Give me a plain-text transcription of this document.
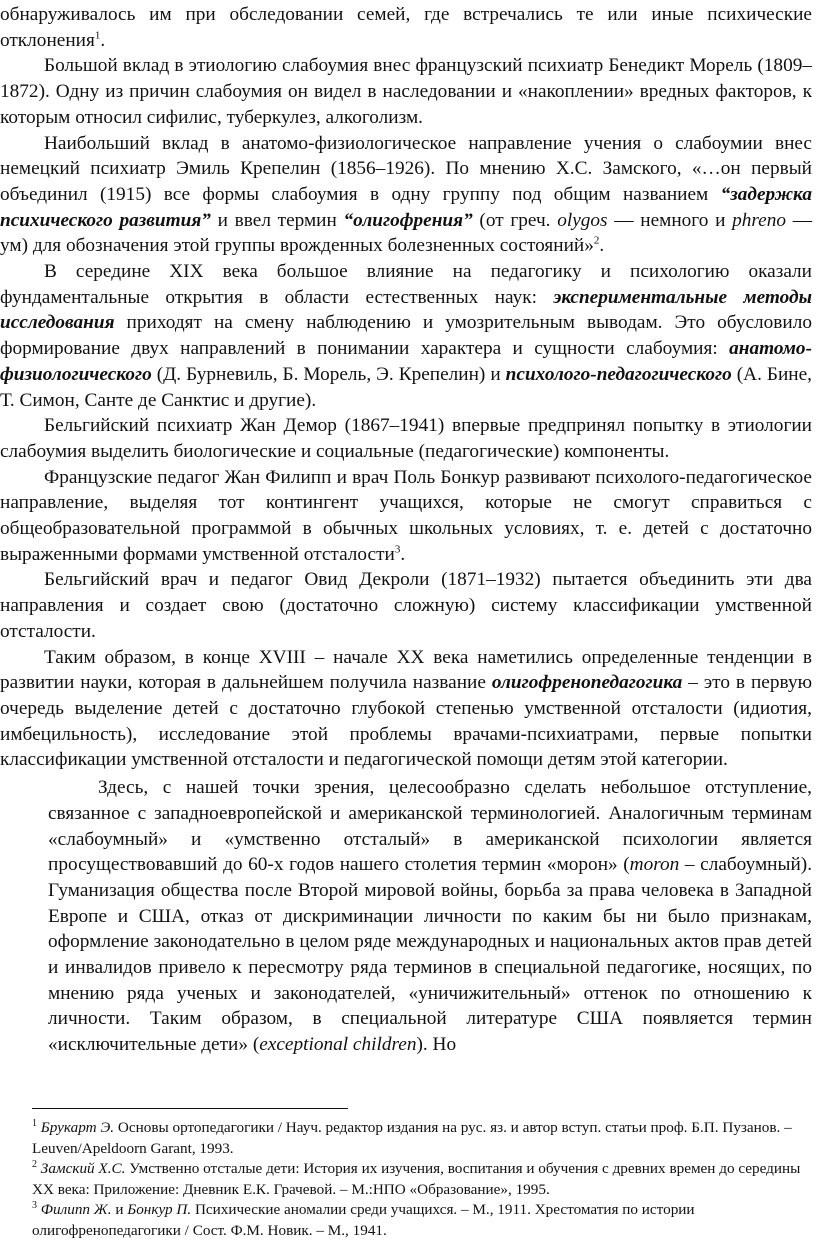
обнаруживалось им при обследовании семей, где встречались те или иные психические отклонения$^1$.

Большой вклад в этиологию слабоумия внес французский психиатр Бенедикт Морель (1809–1872). Одну из причин слабоумия он видел в наследовании и «накоплении» вредных факторов, к которым относил сифилис, туберкулез, алкоголизм.

Наибольший вклад в анатомо-физиологическое направление учения о слабоумии внес немецкий психиатр Эмиль Крепелин (1856–1926). По мнению Х.С. Замского, «…он первый объединил (1915) все формы слабоумия в одну группу под общим названием “задержка психического развития” и ввел термин “олигофрения” (от греч. olygos — немного и phreno — ум) для обозначения этой группы врожденных болезненных состояний»$^2$.

В середине XIX века большое влияние на педагогику и психологию оказали фундаментальные открытия в области естественных наук: экспериментальные методы исследования приходят на смену наблюдению и умозрительным выводам. Это обусловило формирование двух направлений в понимании характера и сущности слабоумия: анатомо-физиологического (Д. Бурневиль, Б. Морель, Э. Крепелин) и психолого-педагогического (А. Бине, Т. Симон, Санте де Санктис и другие).

Бельгийский психиатр Жан Демор (1867–1941) впервые предпринял попытку в этиологии слабоумия выделить биологические и социальные (педагогические) компоненты.

Французские педагог Жан Филипп и врач Поль Бонкур развивают психолого-педагогическое направление, выделяя тот контингент учащихся, которые не смогут справиться с общеобразовательной программой в обычных школьных условиях, т. е. детей с достаточно выраженными формами умственной отсталости$^3$.

Бельгийский врач и педагог Овид Декроли (1871–1932) пытается объединить эти два направления и создает свою (достаточно сложную) систему классификации умственной отсталости.

Таким образом, в конце XVIII – начале XX века наметились определенные тенденции в развитии науки, которая в дальнейшем получила название олигофренопедагогика – это в первую очередь выделение детей с достаточно глубокой степенью умственной отсталости (идиотия, имбецильность), исследование этой проблемы врачами-психиатрами, первые попытки классификации умственной отсталости и педагогической помощи детям этой категории.

Здесь, с нашей точки зрения, целесообразно сделать небольшое отступление, связанное с западноевропейской и американской терминологией. Аналогичным терминам «слабоумный» и «умственно отсталый» в американской психологии является просуществовавший до 60-х годов нашего столетия термин «морон» (moron – слабоумный). Гуманизация общества после Второй мировой войны, борьба за права человека в Западной Европе и США, отказ от дискриминации личности по каким бы ни было признакам, оформление законодательно в целом ряде международных и национальных актов прав детей и инвалидов привело к пересмотру ряда терминов в специальной педагогике, носящих, по мнению ряда ученых и законодателей, «уничижительный» оттенок по отношению к личности. Таким образом, в специальной литературе США появляется термин «исключительные дети» (exceptional children). Но

$^1$ Брукарт Э. Основы ортопедагогики / Науч. редактор издания на рус. яз. и автор вступ. статьи проф. Б.П. Пузанов. – Leuven/Apeldoorn Garant, 1993.

$^2$ Замский Х.С. Умственно отсталые дети: История их изучения, воспитания и обучения с древних времен до середины ХХ века: Приложение: Дневник Е.К. Грачевой. – М.:НПО «Образование», 1995.

$^3$ Филипп Ж. и Бонкур П. Психические аномалии среди учащихся. – М., 1911. Хрестоматия по истории олигофренопедагогики / Сост. Ф.М. Новик. – М., 1941.
